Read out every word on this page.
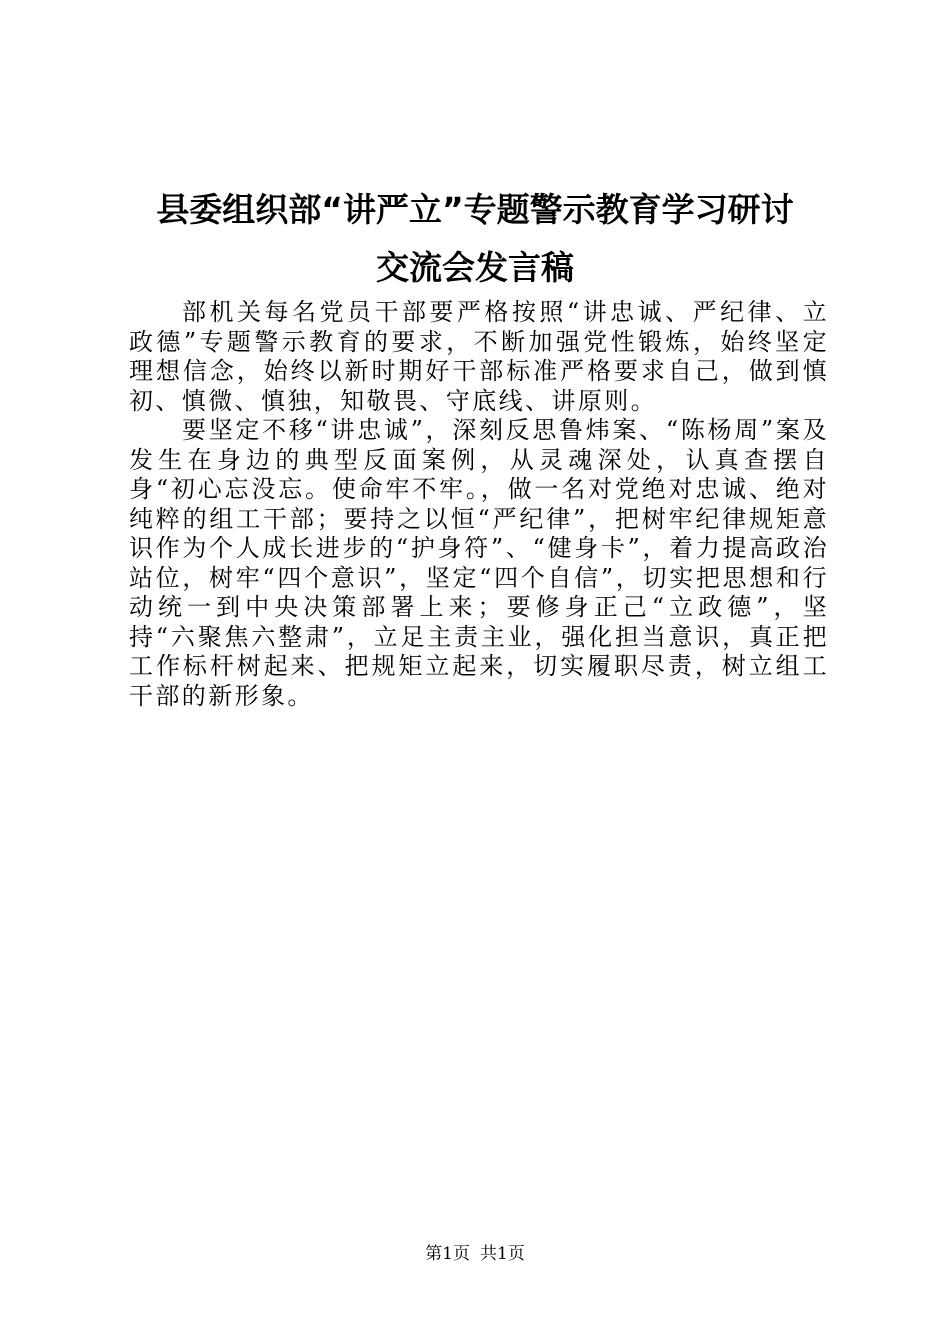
县委组织部“讲严立”专题警示教育学习研讨
交流会发言稿

部机关每名党员干部要严格按照“讲忠诚、严纪律、立政德”专题警示教育的要求，不断加强党性锻炼，始终坚定理想信念，始终以新时期好干部标准严格要求自己，做到慎初、慎微、慎独，知敬畏、守底线、讲原则。

要坚定不移“讲忠诚”，深刻反思鲁炜案、“陈杨周”案及发生在身边的典型反面案例，从灵魂深处，认真查摆自身“初心忘没忘。使命牢不牢。，做一名对党绝对忠诚、绝对纯粹的组工干部；要持之以恒“严纪律”，把树牢纪律规矩意识作为个人成长进步的“护身符”、“健身卡”，着力提高政治站位，树牢“四个意识”，坚定“四个自信”，切实把思想和行动统一到中央决策部署上来；要修身正己“立政德”，坚持“六聚焦六整肃”，立足主责主业，强化担当意识，真正把工作标杆树起来、把规矩立起来，切实履职尽责，树立组工干部的新形象。

第1页 共1页
